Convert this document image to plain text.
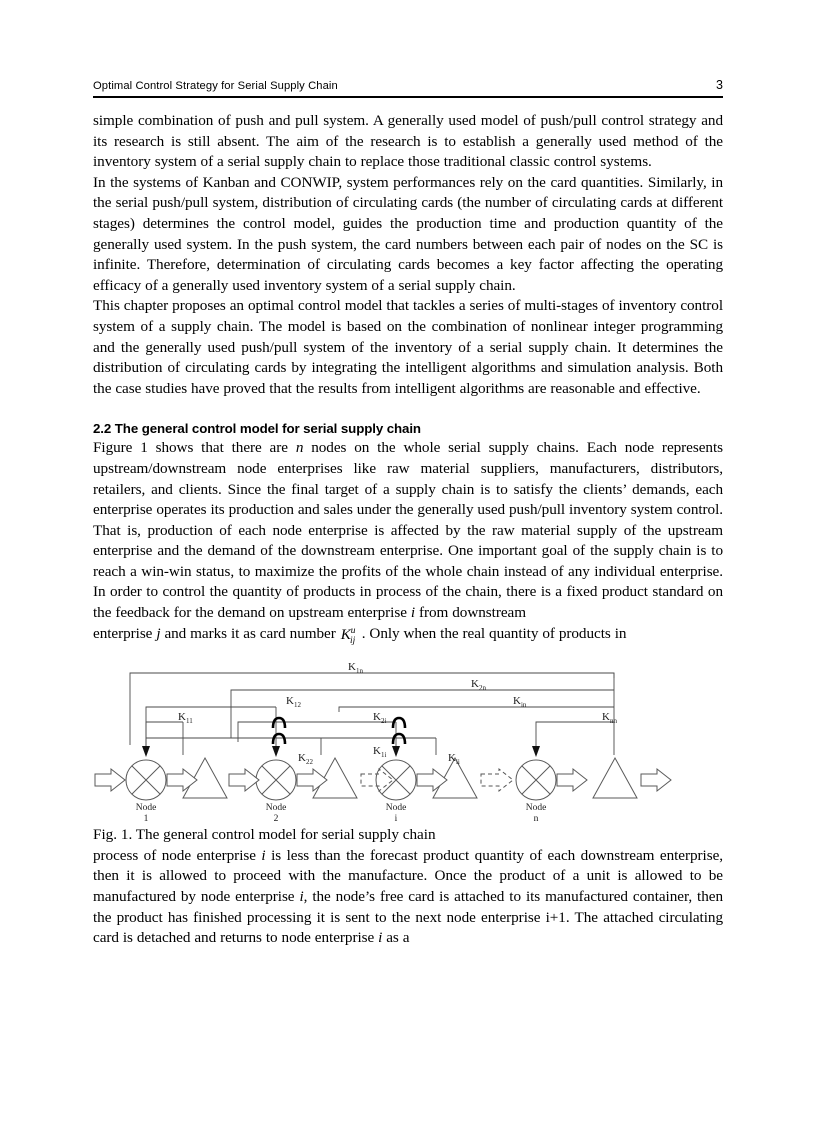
Optimal Control Strategy for Serial Supply Chain	3

simple combination of push and pull system. A generally used model of push/pull control strategy and its research is still absent. The aim of the research is to establish a generally used method of the inventory system of a serial supply chain to replace those traditional classic control systems.

In the systems of Kanban and CONWIP, system performances rely on the card quantities. Similarly, in the serial push/pull system, distribution of circulating cards (the number of circulating cards at different stages) determines the control model, guides the production time and production quantity of the generally used system. In the push system, the card numbers between each pair of nodes on the SC is infinite. Therefore, determination of circulating cards becomes a key factor affecting the operating efficacy of a generally used inventory system of a serial supply chain.

This chapter proposes an optimal control model that tackles a series of multi-stages of inventory control system of a supply chain. The model is based on the combination of nonlinear integer programming and the generally used push/pull system of the inventory of a serial supply chain. It determines the distribution of circulating cards by integrating the intelligent algorithms and simulation analysis. Both the case studies have proved that the results from intelligent algorithms are reasonable and effective.

2.2 The general control model for serial supply chain

Figure 1 shows that there are n nodes on the whole serial supply chains. Each node represents upstream/downstream node enterprises like raw material suppliers, manufacturers, distributors, retailers, and clients. Since the final target of a supply chain is to satisfy the clients’ demands, each enterprise operates its production and sales under the generally used push/pull inventory system control. That is, production of each node enterprise is affected by the raw material supply of the upstream enterprise and the demand of the downstream enterprise. One important goal of the supply chain is to reach a win-win status, to maximize the profits of the whole chain instead of any individual enterprise. In order to control the quantity of products in process of the chain, there is a fixed product standard on the feedback for the demand on upstream enterprise i from downstream

enterprise j and marks it as card number $K^u_{ij}$ . Only when the real quantity of products in

$K_{1n}$
$K_{2n}$
$K_{in}$
$K_{12}$
$K_{11}$	$K_{2i}$
$K_{1i}$
$K_{22}$	$K_{ii}$
$K_{nn}$
Node	Node	Node	Node
1	2	i	n

Fig. 1. The general control model for serial supply chain

process of node enterprise i is less than the forecast product quantity of each downstream enterprise, then it is allowed to proceed with the manufacture. Once the product of a unit is allowed to be manufactured by node enterprise i, the node’s free card is attached to its manufactured container, then the product has finished processing it is sent to the next node enterprise i+1. The attached circulating card is detached and returns to node enterprise i as a
